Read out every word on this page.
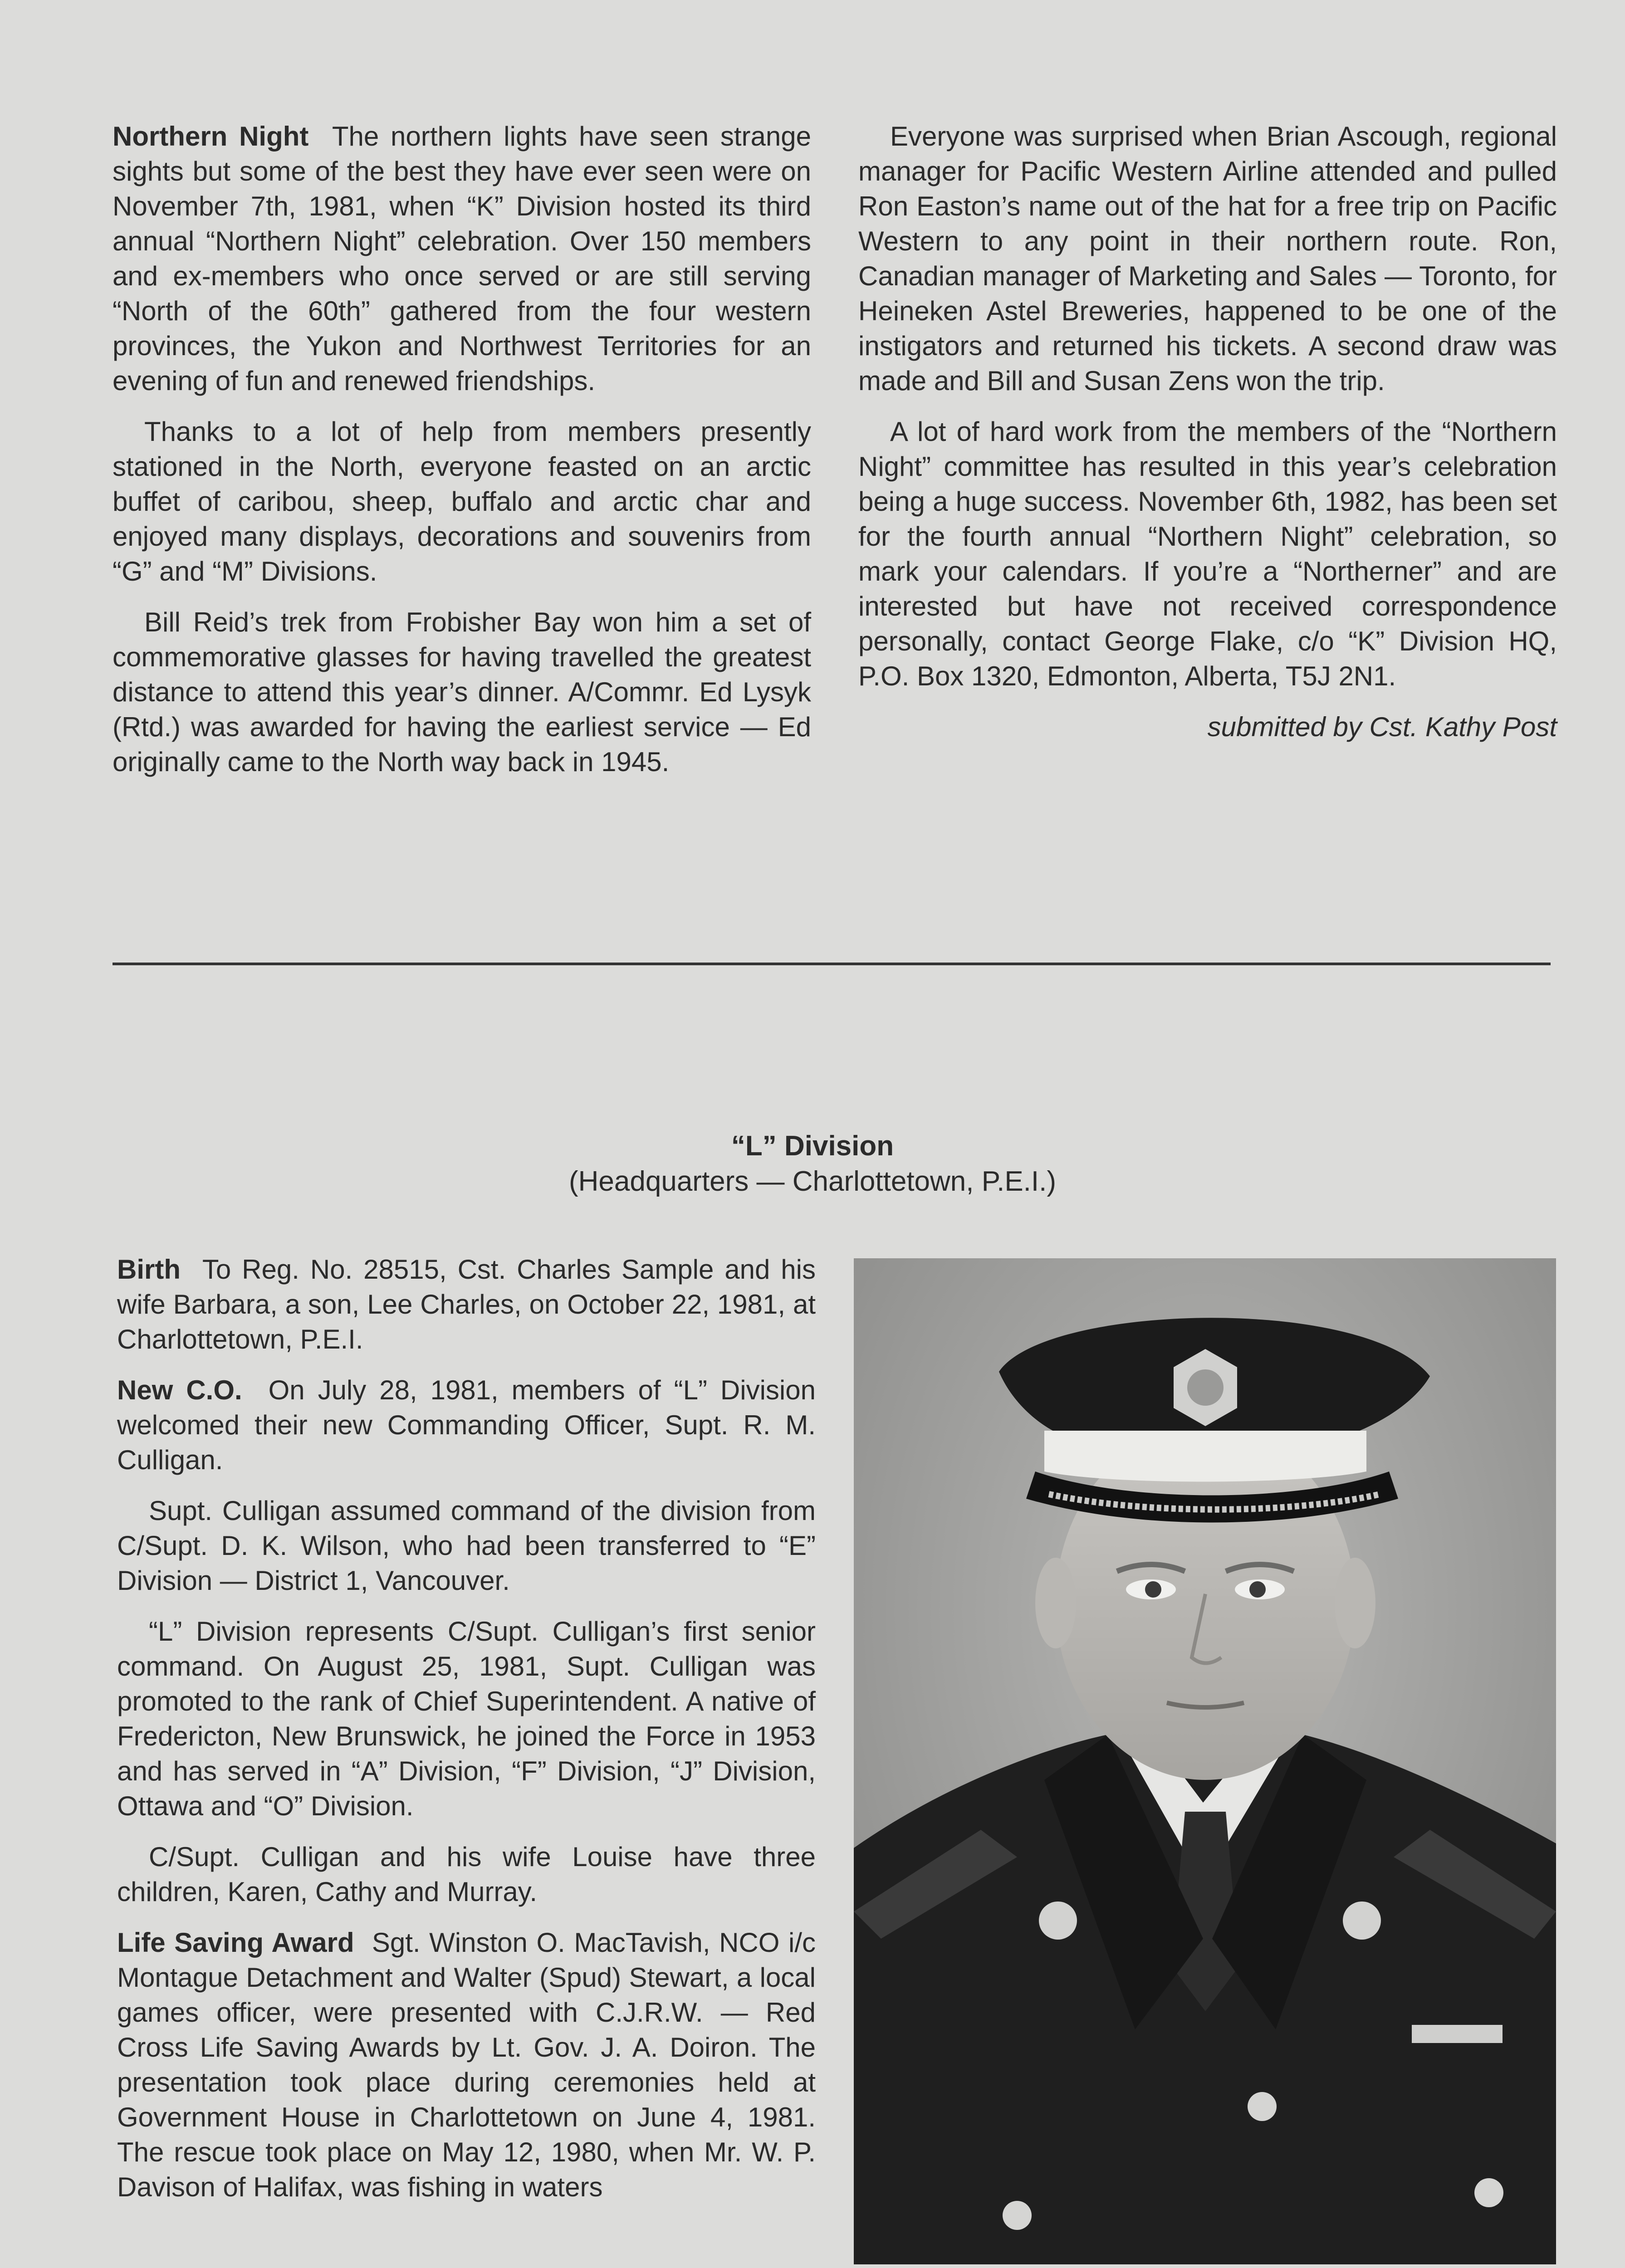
Northern Night The northern lights have seen strange sights but some of the best they have ever seen were on November 7th, 1981, when “K” Division hosted its third annual “Northern Night” celebration. Over 150 members and ex-members who once served or are still serving “North of the 60th” gathered from the four western provinces, the Yukon and Northwest Territories for an evening of fun and renewed friendships.

Thanks to a lot of help from members presently stationed in the North, everyone feasted on an arctic buffet of caribou, sheep, buffalo and arctic char and enjoyed many displays, decorations and souvenirs from “G” and “M” Divisions.

Bill Reid’s trek from Frobisher Bay won him a set of commemorative glasses for having travelled the greatest distance to attend this year’s dinner. A/Commr. Ed Lysyk (Rtd.) was awarded for having the earliest service — Ed originally came to the North way back in 1945.

Everyone was surprised when Brian Ascough, regional manager for Pacific Western Airline attended and pulled Ron Easton’s name out of the hat for a free trip on Pacific Western to any point in their northern route. Ron, Canadian manager of Marketing and Sales — Toronto, for Heineken Astel Breweries, happened to be one of the instigators and returned his tickets. A second draw was made and Bill and Susan Zens won the trip.

A lot of hard work from the members of the “Northern Night” committee has resulted in this year’s celebration being a huge success. November 6th, 1982, has been set for the fourth annual “Northern Night” celebration, so mark your calendars. If you’re a “Northerner” and are interested but have not received correspondence personally, contact George Flake, c/o “K” Division HQ, P.O. Box 1320, Edmonton, Alberta, T5J 2N1.

submitted by Cst. Kathy Post

“L” Division
(Headquarters — Charlottetown, P.E.I.)

Birth To Reg. No. 28515, Cst. Charles Sample and his wife Barbara, a son, Lee Charles, on October 22, 1981, at Charlottetown, P.E.I.

New C.O. On July 28, 1981, members of “L” Division welcomed their new Commanding Officer, Supt. R. M. Culligan.

Supt. Culligan assumed command of the division from C/Supt. D. K. Wilson, who had been transferred to “E” Division — District 1, Vancouver.

“L” Division represents C/Supt. Culligan’s first senior command. On August 25, 1981, Supt. Culligan was promoted to the rank of Chief Superintendent. A native of Fredericton, New Brunswick, he joined the Force in 1953 and has served in “A” Division, “F” Division, “J” Division, Ottawa and “O” Division.

C/Supt. Culligan and his wife Louise have three children, Karen, Cathy and Murray.

Life Saving Award Sgt. Winston O. MacTavish, NCO i/c Montague Detachment and Walter (Spud) Stewart, a local games officer, were presented with C.J.R.W. — Red Cross Life Saving Awards by Lt. Gov. J. A. Doiron. The presentation took place during ceremonies held at Government House in Charlottetown on June 4, 1981. The rescue took place on May 12, 1980, when Mr. W. P. Davison of Halifax, was fishing in waters
